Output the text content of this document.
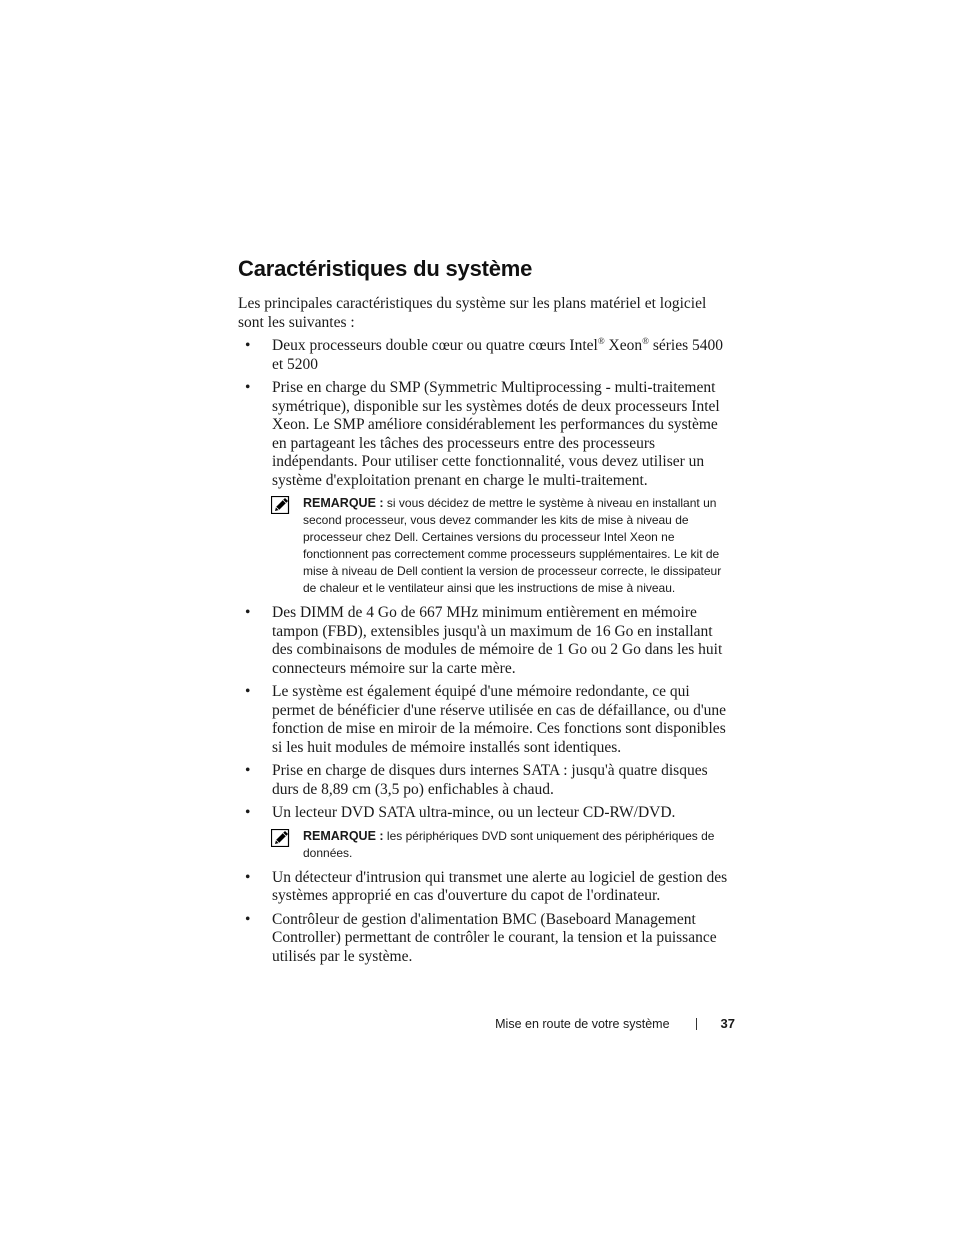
Caractéristiques du système

Les principales caractéristiques du système sur les plans matériel et logiciel sont les suivantes :

• Deux processeurs double cœur ou quatre cœurs Intel® Xeon® séries 5400 et 5200
• Prise en charge du SMP (Symmetric Multiprocessing - multi-traitement symétrique), disponible sur les systèmes dotés de deux processeurs Intel Xeon. Le SMP améliore considérablement les performances du système en partageant les tâches des processeurs entre des processeurs indépendants. Pour utiliser cette fonctionnalité, vous devez utiliser un système d'exploitation prenant en charge le multi-traitement.
REMARQUE : si vous décidez de mettre le système à niveau en installant un second processeur, vous devez commander les kits de mise à niveau de processeur chez Dell. Certaines versions du processeur Intel Xeon ne fonctionnent pas correctement comme processeurs supplémentaires. Le kit de mise à niveau de Dell contient la version de processeur correcte, le dissipateur de chaleur et le ventilateur ainsi que les instructions de mise à niveau.
• Des DIMM de 4 Go de 667 MHz minimum entièrement en mémoire tampon (FBD), extensibles jusqu'à un maximum de 16 Go en installant des combinaisons de modules de mémoire de 1 Go ou 2 Go dans les huit connecteurs mémoire sur la carte mère.
• Le système est également équipé d'une mémoire redondante, ce qui permet de bénéficier d'une réserve utilisée en cas de défaillance, ou d'une fonction de mise en miroir de la mémoire. Ces fonctions sont disponibles si les huit modules de mémoire installés sont identiques.
• Prise en charge de disques durs internes SATA : jusqu'à quatre disques durs de 8,89 cm (3,5 po) enfichables à chaud.
• Un lecteur DVD SATA ultra-mince, ou un lecteur CD-RW/DVD.
REMARQUE : les périphériques DVD sont uniquement des périphériques de données.
• Un détecteur d'intrusion qui transmet une alerte au logiciel de gestion des systèmes approprié en cas d'ouverture du capot de l'ordinateur.
• Contrôleur de gestion d'alimentation BMC (Baseboard Management Controller) permettant de contrôler le courant, la tension et la puissance utilisés par le système.
Mise en route de votre système	37
